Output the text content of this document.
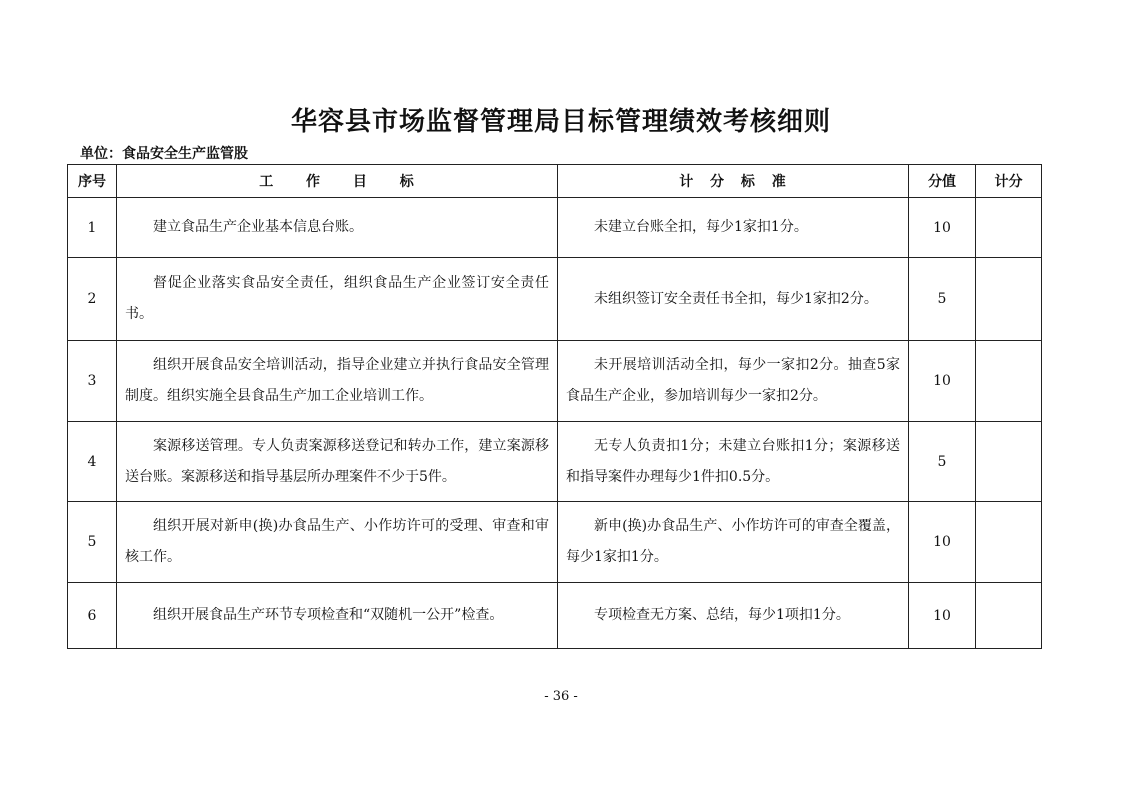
华容县市场监督管理局目标管理绩效考核细则
单位：食品安全生产监管股
序号	工 作 目 标	计 分 标 准	分值	计分
1	建立食品生产企业基本信息台账。	未建立台账全扣，每少1家扣1分。	10	
2	督促企业落实食品安全责任，组织食品生产企业签订安全责任书。	未组织签订安全责任书全扣，每少1家扣2分。	5	
3	组织开展食品安全培训活动，指导企业建立并执行食品安全管理制度。组织实施全县食品生产加工企业培训工作。	未开展培训活动全扣，每少一家扣2分。抽查5家食品生产企业，参加培训每少一家扣2分。	10	
4	案源移送管理。专人负责案源移送登记和转办工作，建立案源移送台账。案源移送和指导基层所办理案件不少于5件。	无专人负责扣1分；未建立台账扣1分；案源移送和指导案件办理每少1件扣0.5分。	5	
5	组织开展对新申(换)办食品生产、小作坊许可的受理、审查和审核工作。	新申(换)办食品生产、小作坊许可的审查全覆盖，每少1家扣1分。	10	
6	组织开展食品生产环节专项检查和“双随机一公开”检查。	专项检查无方案、总结，每少1项扣1分。	10	
- 36 -
